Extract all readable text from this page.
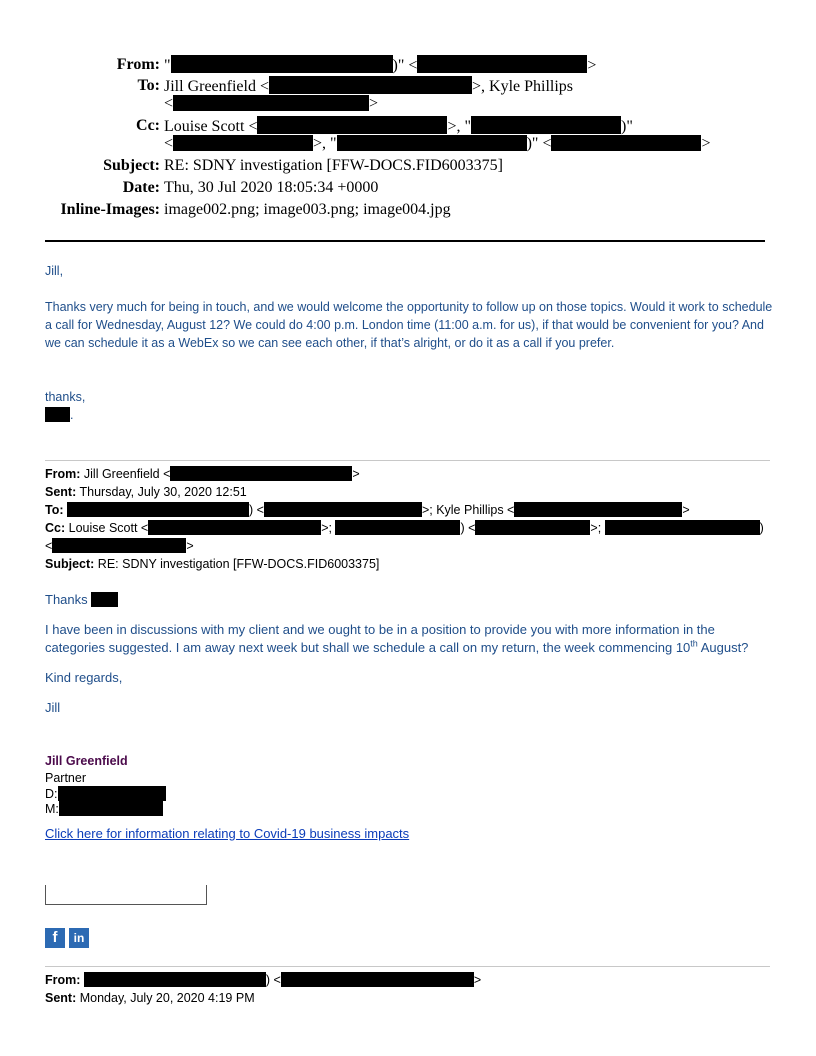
From: "	)" <	>
To: Jill Greenfield <	>, Kyle Phillips
<	>
Cc: Louise Scott <	>, "	)"
<	>, "	)" <	>
Subject: RE: SDNY investigation [FFW-DOCS.FID6003375]
Date: Thu, 30 Jul 2020 18:05:34 +0000
Inline-Images: image002.png; image003.png; image004.jpg
Jill,
Thanks very much for being in touch, and we would welcome the opportunity to follow up on those topics. Would it work to schedule a call for Wednesday, August 12? We could do 4:00 p.m. London time (11:00 a.m. for us), if that would be convenient for you? And we can schedule it as a WebEx so we can see each other, if that’s alright, or do it as a call if you prefer.
thanks,
.
From: Jill Greenfield <	>
Sent: Thursday, July 30, 2020 12:51
To:	) <	>; Kyle Phillips <	>
Cc: Louise Scott <	>;	) <	>;	)
<	>
Subject: RE: SDNY investigation [FFW-DOCS.FID6003375]
Thanks
I have been in discussions with my client and we ought to be in a position to provide you with more information in the categories suggested. I am away next week but shall we schedule a call on my return, the week commencing 10th August?
Kind regards,
Jill
Jill Greenfield
Partner
D:
M:
Click here for information relating to Covid-19 business impacts
f	in
From:	) <	>
Sent: Monday, July 20, 2020 4:19 PM
